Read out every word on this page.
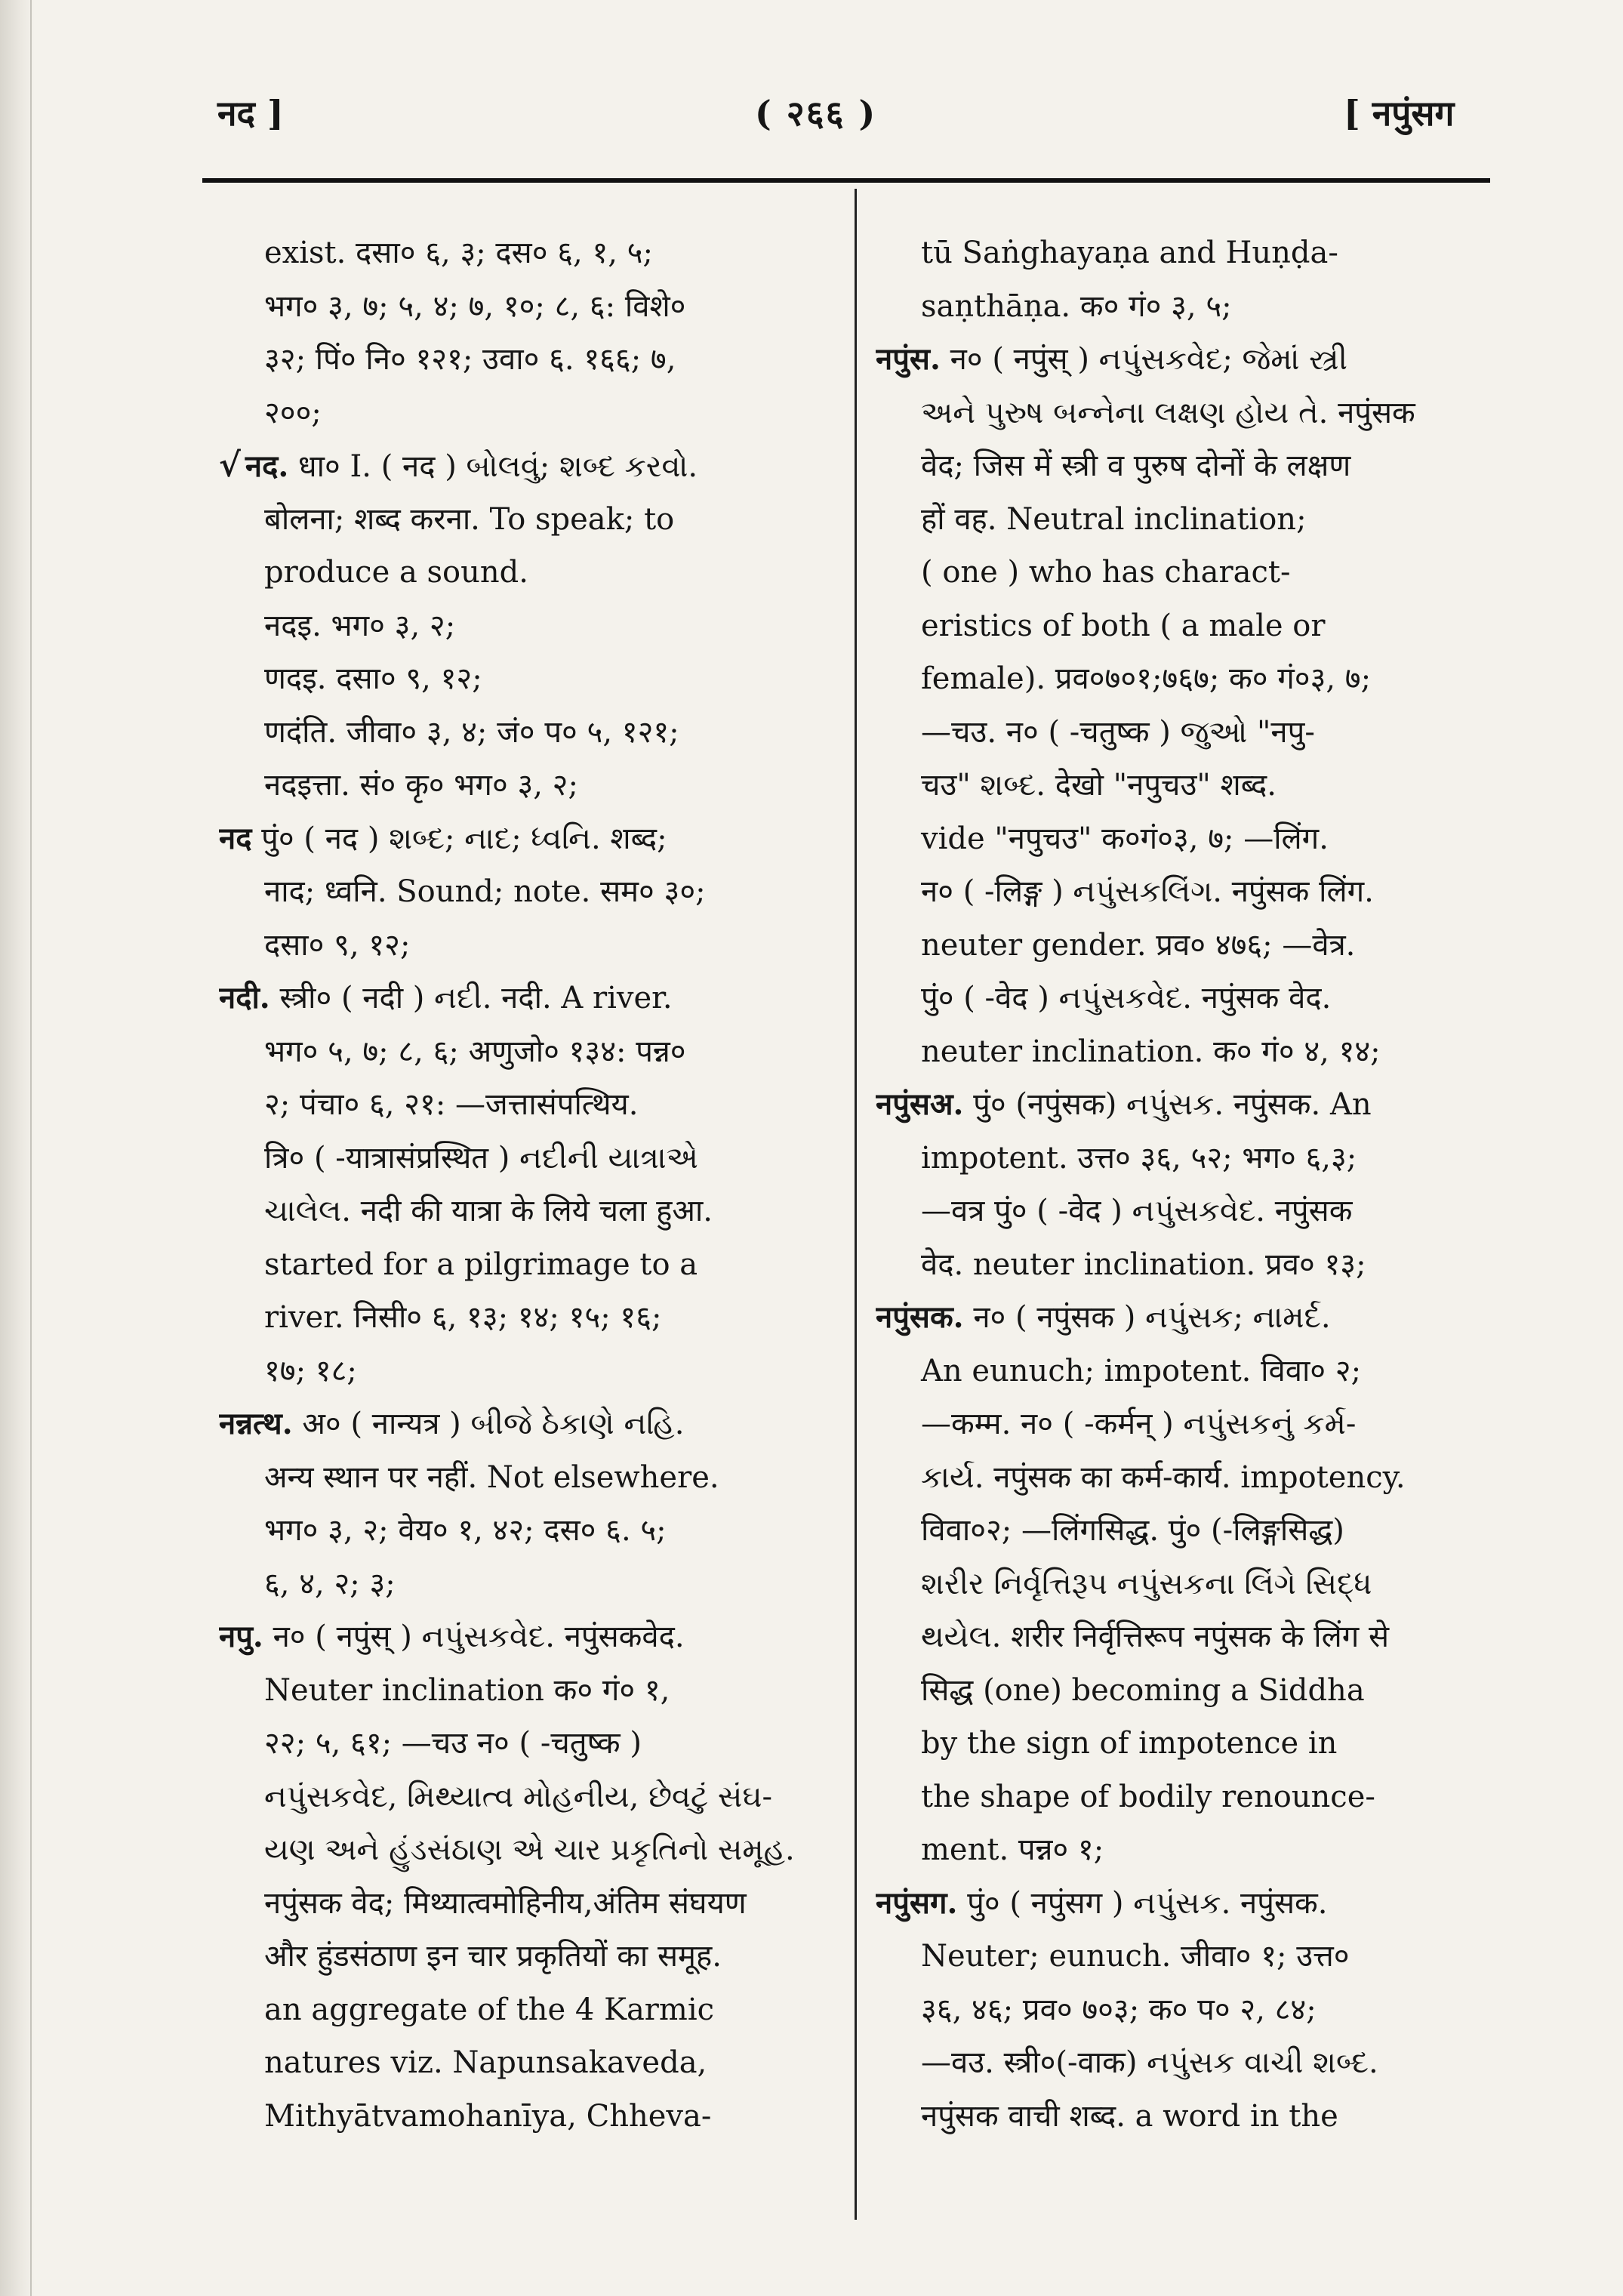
नद ]	( २६६ )	[ नपुंसग
exist. दसा० ६, ३; दस० ६, १, ५;
भग० ३, ७; ५, ४; ७, १०; ८, ६: विशे०
३२; पिं० नि० १२१; उवा० ६. १६६; ७,
२००;
√ नद. धा० I. ( नद ) બોલવું; શબ્દ કરવો.
बोलना; शब्द करना. To speak; to
produce a sound.
नदइ. भग० ३, २;
णदइ. दसा० ९, १२;
णदंति. जीवा० ३, ४; जं० प० ५, १२१;
नदइत्ता. सं० कृ० भग० ३, २;
नद पुं० ( नद ) શબ્દ; નાદ; ધ્વનિ. शब्द;
नाद; ध्वनि. Sound; note. सम० ३०;
दसा० ९, १२;
नदी. स्त्री० ( नदी ) નદી. नदी. A river.
भग० ५, ७; ८, ६; अणुजो० १३४: पन्न०
२; पंचा० ६, २१: —जत्तासंपत्थिय.
त्रि० ( -यात्रासंप्रस्थित ) નદીની યાત્રાએ
ચાલેલ. नदी की यात्रा के लिये चला हुआ.
started for a pilgrimage to a
river. निसी० ६, १३; १४; १५; १६;
१७; १८;
नन्नत्थ. अ० ( नान्यत्र ) બીજે ઠેકાણે નહિ.
अन्य स्थान पर नहीं. Not elsewhere.
भग० ३, २; वेय० १, ४२; दस० ६. ५;
६, ४, २; ३;
नपु. न० ( नपुंस् ) નપુંસકવેદ. नपुंसकवेद.
Neuter inclination क० गं० १,
२२; ५, ६१; —चउ न० ( -चतुष्क )
નપુંસકવેદ, મિથ્યાત્વ મોહનીય, છેવટું સંઘ-
યણ અને હુંડસંઠાણ એ ચાર પ્રકૃતિનો સમૂહ.
नपुंसक वेद; मिथ्यात्वमोहिनीय,अंतिम संघयण
और हुंडसंठाण इन चार प्रकृतियों का समूह.
an aggregate of the 4 Karmic
natures viz. Napunsakaveda,
Mithyātvamohanīya, Chheva-
tū Saṅghayaṇa and Huṇḍa-
saṇthāṇa. क० गं० ३, ५;
नपुंस. न० ( नपुंस् ) નપુંસકવેદ; જેમાં સ્ત્રી
અને પુરુષ બન્નેના લક્ષણ હોય તે. नपुंसक
वेद; जिस में स्त्री व पुरुष दोनों के लक्षण
हों वह. Neutral inclination;
( one ) who has charact-
eristics of both ( a male or
female). प्रव०७०१;७६७; क० गं०३, ७;
—चउ. न० ( -चतुष्क ) જુઓ "नपु-
चउ" શબ્દ. देखो "नपुचउ" शब्द.
vide "नपुचउ" क०गं०३, ७; —लिंग.
न० ( -लिङ्ग ) નપુંસકલિંગ. नपुंसक लिंग.
neuter gender. प्रव० ४७६; —वेत्र.
पुं० ( -वेद ) નપુંસકવેદ. नपुंसक वेद.
neuter inclination. क० गं० ४, १४;
नपुंसअ. पुं० (नपुंसक) નપુંસક. नपुंसक. An
impotent. उत्त० ३६, ५२; भग० ६,३;
—वत्र पुं० ( -वेद ) નપુંસકવેદ. नपुंसक
वेद. neuter inclination. प्रव० १३;
नपुंसक. न० ( नपुंसक ) નપુંસક; નામર્દ.
An eunuch; impotent. विवा० २;
—कम्म. न० ( -कर्मन् ) નપુંસકનું કર્મ-
કાર્ય. नपुंसक का कर्म-कार्य. impotency.
विवा०२; —लिंगसिद्ध. पुं० (-लिङ्गसिद्ध)
શરીર નિર્વૃત્તિરૂપ નપુંસકના લિંગે સિદ્ધ
થયેલ. शरीर निर्वृत्तिरूप नपुंसक के लिंग से
सिद्ध (one) becoming a Siddha
by the sign of impotence in
the shape of bodily renounce-
ment. पन्न० १;
नपुंसग. पुं० ( नपुंसग ) નપુંસક. नपुंसक.
Neuter; eunuch. जीवा० १; उत्त०
३६, ४६; प्रव० ७०३; क० प० २, ८४;
—वउ. स्त्री०(-वाक) નપુંસક વાચી શબ્દ.
नपुंसक वाची शब्द. a word in the
